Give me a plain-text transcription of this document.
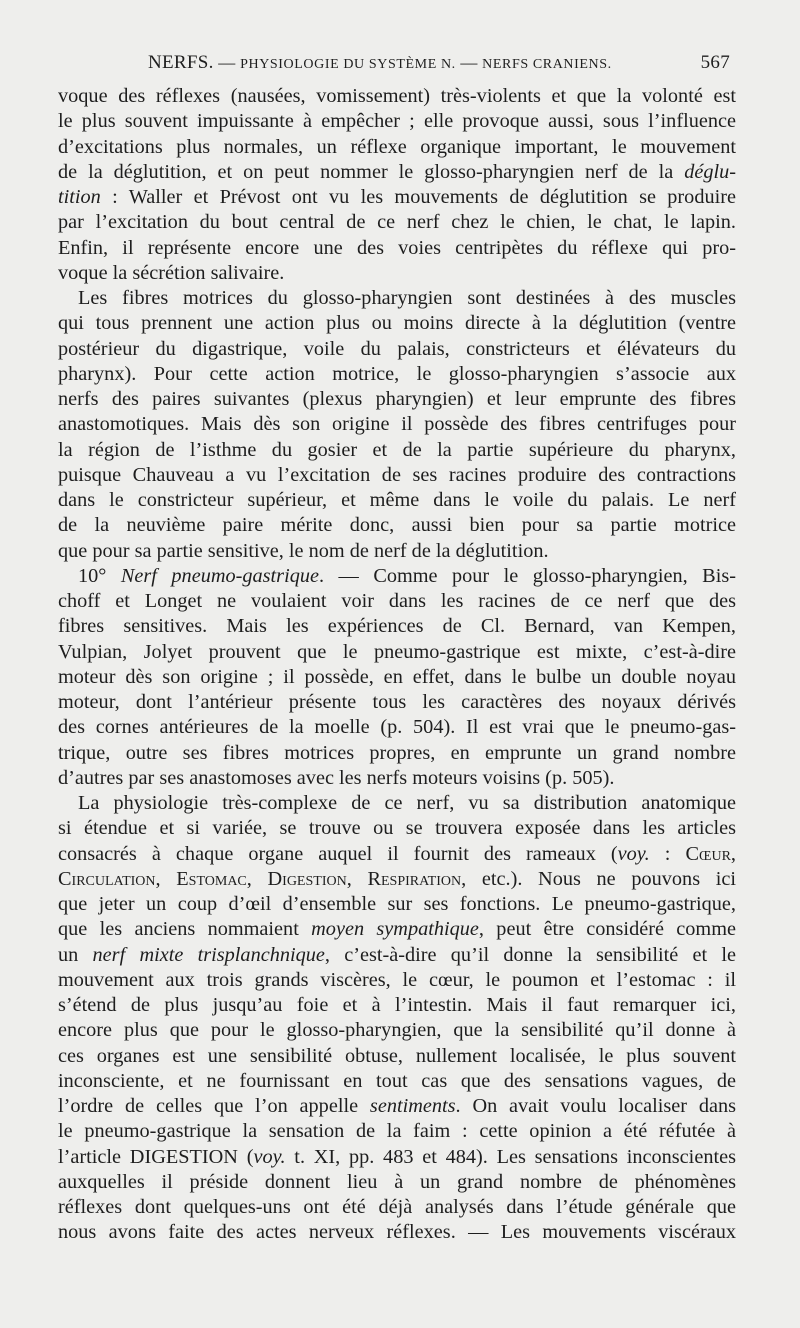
NERFS. — PHYSIOLOGIE DU SYSTÈME N. — NERFS CRANIENS.	567

voque des réflexes (nausées, vomissement) très-violents et que la volonté est
le plus souvent impuissante à empêcher ; elle provoque aussi, sous l’influence
d’excitations plus normales, un réflexe organique important, le mouvement
de la déglutition, et on peut nommer le glosso-pharyngien nerf de la déglu-
tition : Waller et Prévost ont vu les mouvements de déglutition se produire
par l’excitation du bout central de ce nerf chez le chien, le chat, le lapin.
Enfin, il représente encore une des voies centripètes du réflexe qui pro-
voque la sécrétion salivaire.

Les fibres motrices du glosso-pharyngien sont destinées à des muscles
qui tous prennent une action plus ou moins directe à la déglutition (ventre
postérieur du digastrique, voile du palais, constricteurs et élévateurs du
pharynx). Pour cette action motrice, le glosso-pharyngien s’associe aux
nerfs des paires suivantes (plexus pharyngien) et leur emprunte des fibres
anastomotiques. Mais dès son origine il possède des fibres centrifuges pour
la région de l’isthme du gosier et de la partie supérieure du pharynx,
puisque Chauveau a vu l’excitation de ses racines produire des contractions
dans le constricteur supérieur, et même dans le voile du palais. Le nerf
de la neuvième paire mérite donc, aussi bien pour sa partie motrice
que pour sa partie sensitive, le nom de nerf de la déglutition.

10° Nerf pneumo-gastrique. — Comme pour le glosso-pharyngien, Bis-
choff et Longet ne voulaient voir dans les racines de ce nerf que des
fibres sensitives. Mais les expériences de Cl. Bernard, van Kempen,
Vulpian, Jolyet prouvent que le pneumo-gastrique est mixte, c’est-à-dire
moteur dès son origine ; il possède, en effet, dans le bulbe un double noyau
moteur, dont l’antérieur présente tous les caractères des noyaux dérivés
des cornes antérieures de la moelle (p. 504). Il est vrai que le pneumo-gas-
trique, outre ses fibres motrices propres, en emprunte un grand nombre
d’autres par ses anastomoses avec les nerfs moteurs voisins (p. 505).

La physiologie très-complexe de ce nerf, vu sa distribution anatomique
si étendue et si variée, se trouve ou se trouvera exposée dans les articles
consacrés à chaque organe auquel il fournit des rameaux (voy. : Cœur,
Circulation, Estomac, Digestion, Respiration, etc.). Nous ne pouvons ici
que jeter un coup d’œil d’ensemble sur ses fonctions. Le pneumo-gastrique,
que les anciens nommaient moyen sympathique, peut être considéré comme
un nerf mixte trisplanchnique, c’est-à-dire qu’il donne la sensibilité et le
mouvement aux trois grands viscères, le cœur, le poumon et l’estomac : il
s’étend de plus jusqu’au foie et à l’intestin. Mais il faut remarquer ici,
encore plus que pour le glosso-pharyngien, que la sensibilité qu’il donne à
ces organes est une sensibilité obtuse, nullement localisée, le plus souvent
inconsciente, et ne fournissant en tout cas que des sensations vagues, de
l’ordre de celles que l’on appelle sentiments. On avait voulu localiser dans
le pneumo-gastrique la sensation de la faim : cette opinion a été réfutée à
l’article DIGESTION (voy. t. XI, pp. 483 et 484). Les sensations inconscientes
auxquelles il préside donnent lieu à un grand nombre de phénomènes
réflexes dont quelques-uns ont été déjà analysés dans l’étude générale que
nous avons faite des actes nerveux réflexes. — Les mouvements viscéraux
